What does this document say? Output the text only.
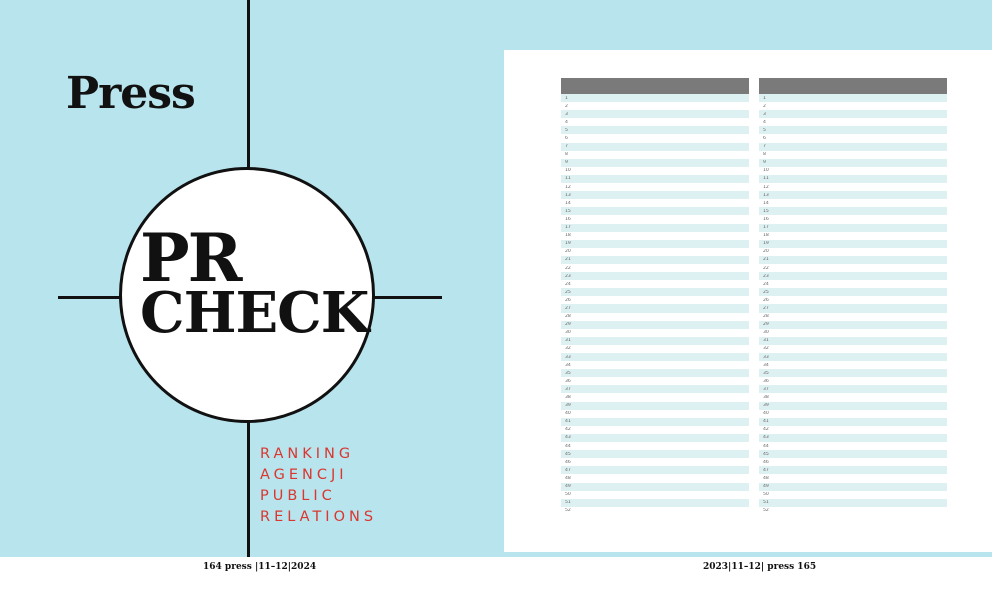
Press
PR
CHECK
RANKING
AGENCJI
PUBLIC
RELATIONS
1
2
3
4
5
6
7
8
9
10
11
12
13
14
15
16
17
18
19
20
21
22
23
24
25
26
27
28
29
30
31
32
33
34
35
36
37
38
39
40
41
42
43
44
45
46
47
48
49
50
51
52
1
2
3
4
5
6
7
8
9
10
11
12
13
14
15
16
17
18
19
20
21
22
23
24
25
26
27
28
29
30
31
32
33
34
35
36
37
38
39
40
41
42
43
44
45
46
47
48
49
50
51
52
164 press |11–12|2024	2023|11–12| press 165
